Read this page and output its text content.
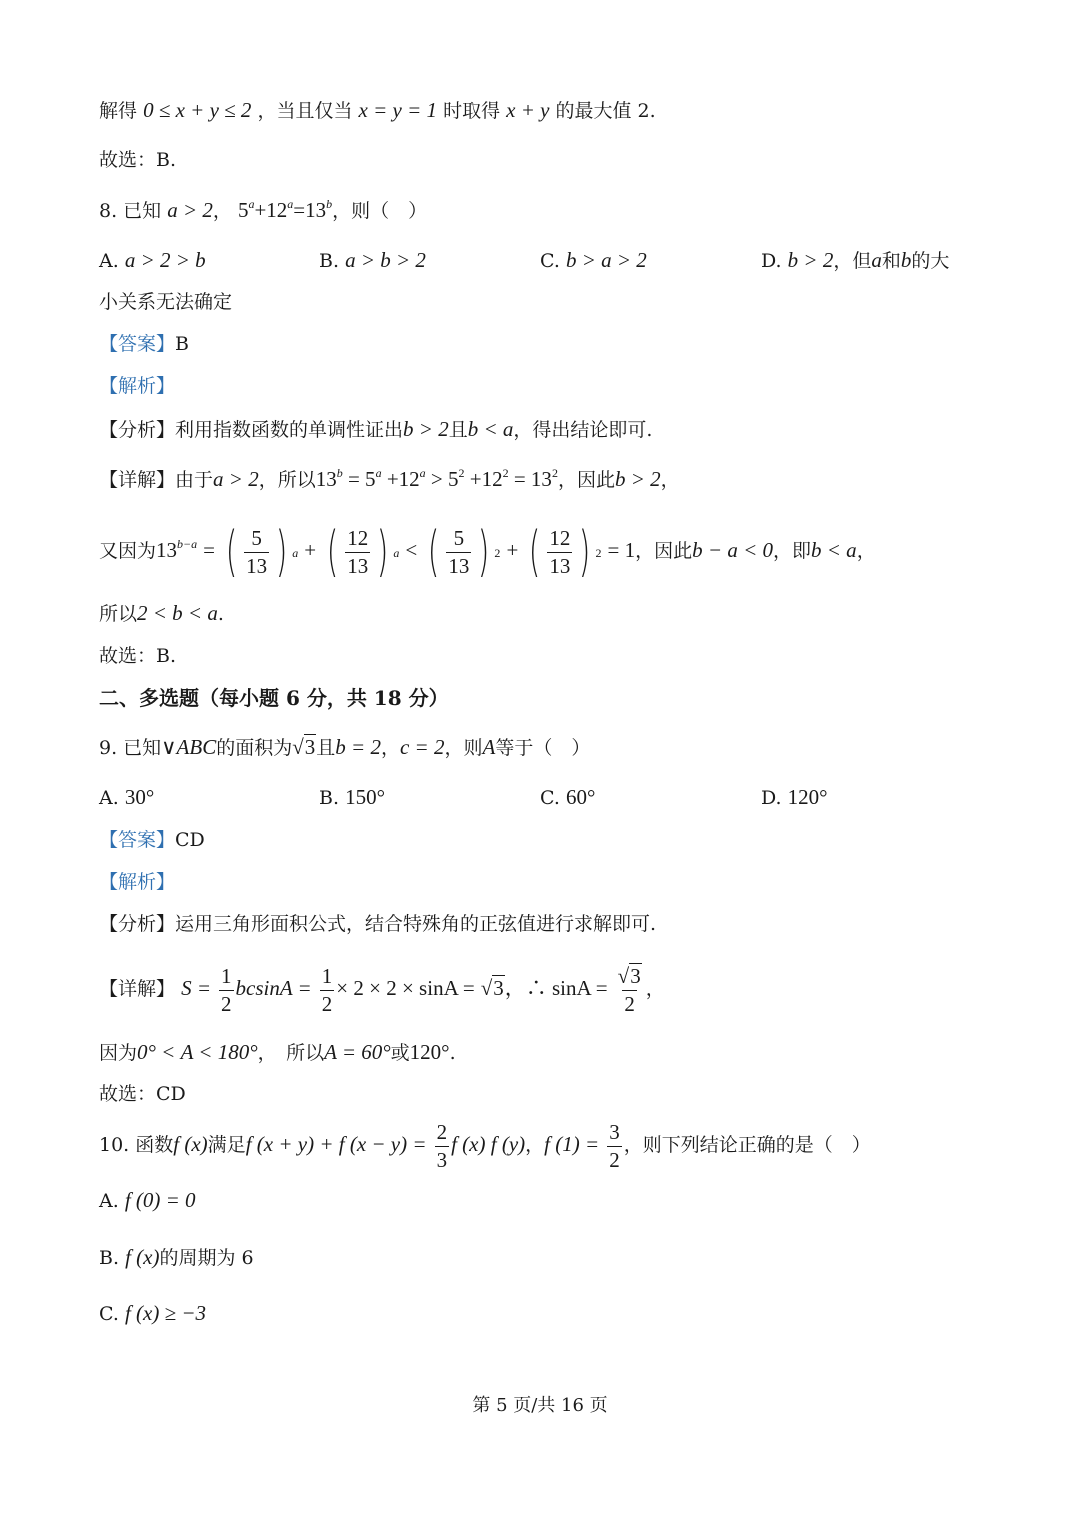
解得 0 ≤ x + y ≤ 2 ，当且仅当 x = y = 1 时取得 x + y 的最大值 2.
故选：B.
8. 已知 a > 2， $5^a+12^a=13^b$，则（　）
A. a > 2 > b	B. a > b > 2	C. b > a > 2	D. b > 2，但a和b的大
小关系无法确定
【答案】B
【解析】
【分析】利用指数函数的单调性证出b > 2且b < a，得出结论即可.
【详解】由于a > 2，所以$13^b = 5^a +12^a > 5^2 +12^2 = 13^2$，因此b > 2，
又因为$13^{b-a}$ = ( $\frac{5}{13}$ ) a + ( $\frac{12}{13}$ ) a < ( $\frac{5}{13}$ ) 2 + ( $\frac{12}{13}$ ) 2 = 1，因此b − a < 0，即b < a，
所以2 < b < a.
故选：B.
二、多选题（每小题 6 分，共 18 分）
9. 已知∨ABC的面积为√3且b = 2，c = 2，则A等于（　）
A. 30°	B. 150°	C. 60°	D. 120°
【答案】CD
【解析】
【分析】运用三角形面积公式，结合特殊角的正弦值进行求解即可.
【详解】 $S = \frac{1}{2}$ $bcsinA = \frac{1}{2} \times 2 \times 2 \times \sin A = √3$，∴ $\sin A = \frac{√3}{2}$ ，
因为0° < A < 180°，　所以A = 60°或120°.
故选：CD
10. 函数f (x)满足f (x + y) + f $(x - y) = \frac{2}{3}$ f (x) f (y)，f $(1) = \frac{3}{2}$ ，则下列结论正确的是（　）
A. f (0) = 0
B. f (x)的周期为 6
C. f (x) ≥ −3
第 5 页/共 16 页
